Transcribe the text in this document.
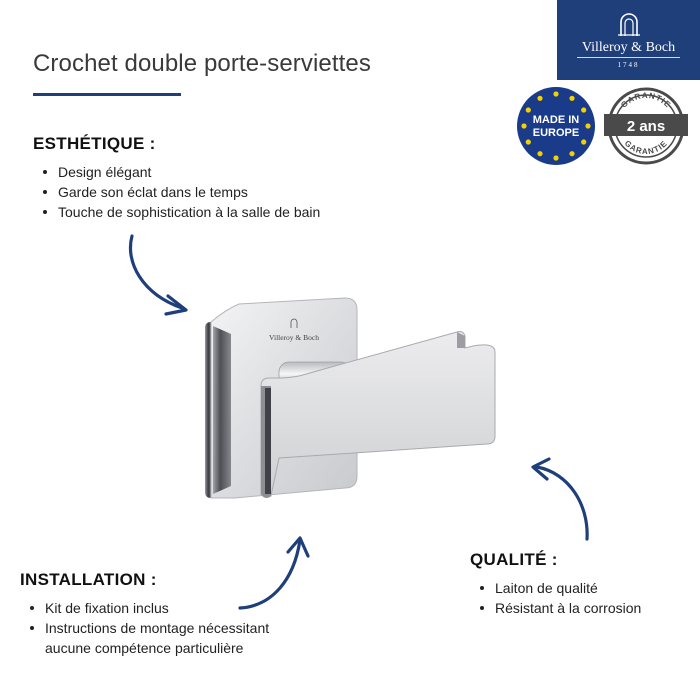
Crochet double porte-serviettes
Villeroy & Boch
1748
MADE IN
EUROPE
GARANTIE
GARANTIE
2 ans
ESTHÉTIQUE :
Design élégant
Garde son éclat dans le temps
Touche de sophistication à la salle de bain
Villeroy & Boch
INSTALLATION :
Kit de fixation inclus
Instructions de montage nécessitant aucune compétence particulière
QUALITÉ :
Laiton de qualité
Résistant à la corrosion
